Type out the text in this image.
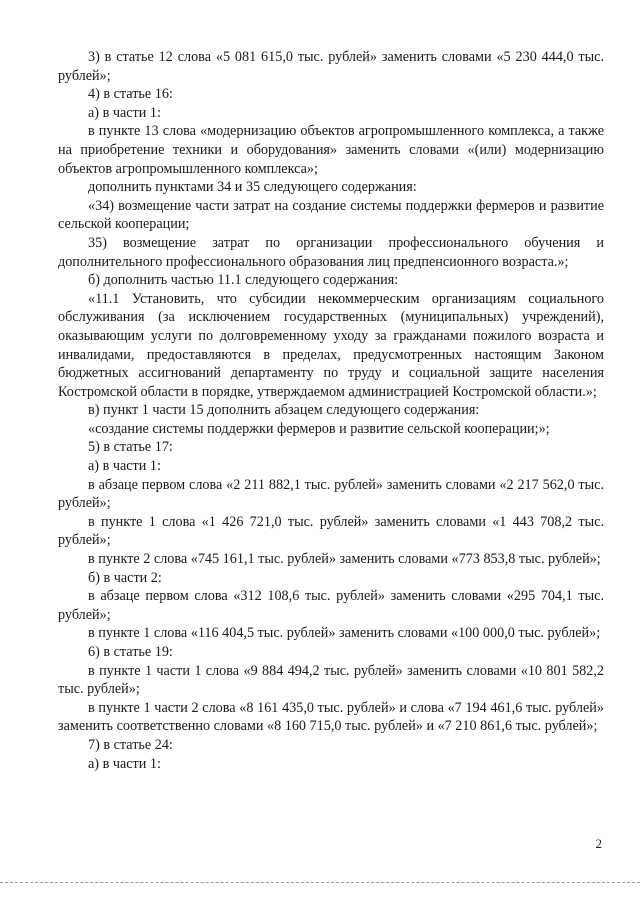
3) в статье 12 слова «5 081 615,0 тыс. рублей» заменить словами «5 230 444,0 тыс. рублей»;

4) в статье 16:

а) в части 1:

в пункте 13 слова «модернизацию объектов агропромышленного комплекса, а также на приобретение техники и оборудования» заменить словами «(или) модернизацию объектов агропромышленного комплекса»;

дополнить пунктами 34 и 35 следующего содержания:

«34) возмещение части затрат на создание системы поддержки фермеров и развитие сельской кооперации;

35) возмещение затрат по организации профессионального обучения и дополнительного профессионального образования лиц предпенсионного возраста.»;

б) дополнить частью 11.1 следующего содержания:

«11.1 Установить, что субсидии некоммерческим организациям социального обслуживания (за исключением государственных (муниципальных) учреждений), оказывающим услуги по долговременному уходу за гражданами пожилого возраста и инвалидами, предоставляются в пределах, предусмотренных настоящим Законом бюджетных ассигнований департаменту по труду и социальной защите населения Костромской области в порядке, утверждаемом администрацией Костромской области.»;

в) пункт 1 части 15 дополнить абзацем следующего содержания:

«создание системы поддержки фермеров и развитие сельской кооперации;»;

5) в статье 17:

а) в части 1:

в абзаце первом слова «2 211 882,1 тыс. рублей» заменить словами «2 217 562,0 тыс. рублей»;

в пункте 1 слова «1 426 721,0 тыс. рублей» заменить словами «1 443 708,2 тыс. рублей»;

в пункте 2 слова «745 161,1 тыс. рублей» заменить словами «773 853,8 тыс. рублей»;

б) в части 2:

в абзаце первом слова «312 108,6 тыс. рублей» заменить словами «295 704,1 тыс. рублей»;

в пункте 1 слова «116 404,5 тыс. рублей» заменить словами «100 000,0 тыс. рублей»;

6) в статье 19:

в пункте 1 части 1 слова «9 884 494,2 тыс. рублей» заменить словами «10 801 582,2 тыс. рублей»;

в пункте 1 части 2 слова «8 161 435,0 тыс. рублей» и слова «7 194 461,6 тыс. рублей» заменить соответственно словами «8 160 715,0 тыс. рублей» и «7 210 861,6 тыс. рублей»;

7) в статье 24:

а) в части 1:

2
